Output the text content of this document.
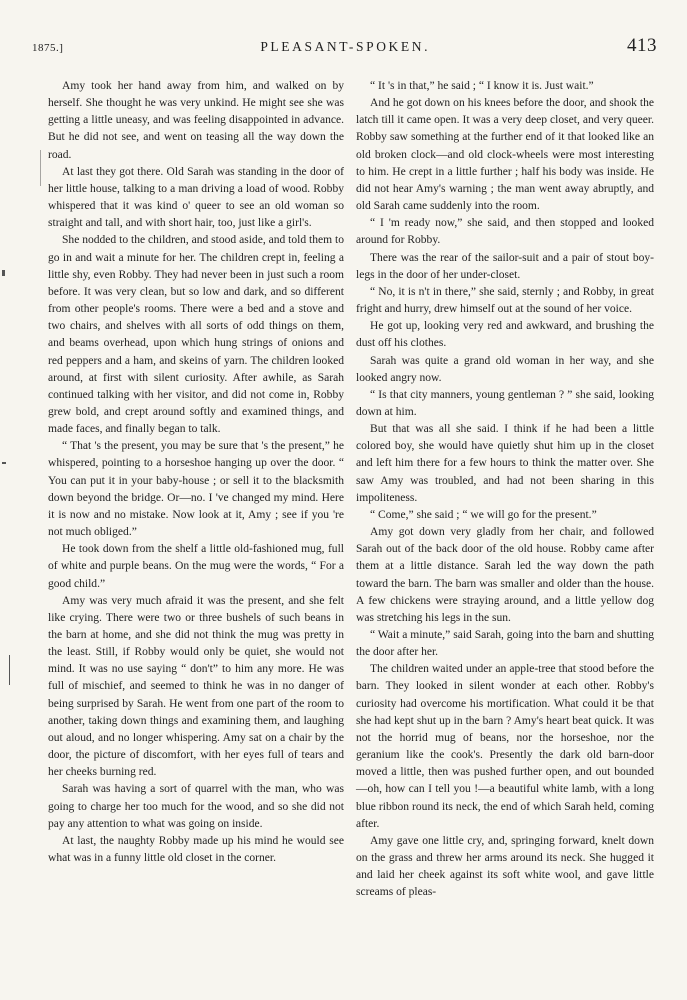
1875.]	PLEASANT-SPOKEN.	413

Amy took her hand away from him, and walked on by herself. She thought he was very unkind. He might see she was getting a little uneasy, and was feeling disappointed in advance. But he did not see, and went on teasing all the way down the road.

At last they got there. Old Sarah was standing in the door of her little house, talking to a man driving a load of wood. Robby whispered that it was kind o' queer to see an old woman so straight and tall, and with short hair, too, just like a girl's.

She nodded to the children, and stood aside, and told them to go in and wait a minute for her. The children crept in, feeling a little shy, even Robby. They had never been in just such a room before. It was very clean, but so low and dark, and so different from other people's rooms. There were a bed and a stove and two chairs, and shelves with all sorts of odd things on them, and beams overhead, upon which hung strings of onions and red peppers and a ham, and skeins of yarn. The children looked around, at first with silent curiosity. After awhile, as Sarah continued talking with her visitor, and did not come in, Robby grew bold, and crept around softly and examined things, and made faces, and finally began to talk.

“ That 's the present, you may be sure that 's the present,” he whispered, pointing to a horseshoe hanging up over the door. “ You can put it in your baby-house ; or sell it to the blacksmith down beyond the bridge. Or—no. I 've changed my mind. Here it is now and no mistake. Now look at it, Amy ; see if you 're not much obliged.”

He took down from the shelf a little old-fashioned mug, full of white and purple beans. On the mug were the words, “ For a good child.”

Amy was very much afraid it was the present, and she felt like crying. There were two or three bushels of such beans in the barn at home, and she did not think the mug was pretty in the least. Still, if Robby would only be quiet, she would not mind. It was no use saying “ don't” to him any more. He was full of mischief, and seemed to think he was in no danger of being surprised by Sarah. He went from one part of the room to another, taking down things and examining them, and laughing out aloud, and no longer whispering. Amy sat on a chair by the door, the picture of discomfort, with her eyes full of tears and her cheeks burning red.

Sarah was having a sort of quarrel with the man, who was going to charge her too much for the wood, and so she did not pay any attention to what was going on inside.

At last, the naughty Robby made up his mind he would see what was in a funny little old closet in the corner.

“ It 's in that,” he said ; “ I know it is. Just wait.”

And he got down on his knees before the door, and shook the latch till it came open. It was a very deep closet, and very queer. Robby saw something at the further end of it that looked like an old broken clock—and old clock-wheels were most interesting to him. He crept in a little further ; half his body was inside. He did not hear Amy's warning ; the man went away abruptly, and old Sarah came suddenly into the room.

“ I 'm ready now,” she said, and then stopped and looked around for Robby.

There was the rear of the sailor-suit and a pair of stout boy-legs in the door of her under-closet.

“ No, it is n't in there,” she said, sternly ; and Robby, in great fright and hurry, drew himself out at the sound of her voice.

He got up, looking very red and awkward, and brushing the dust off his clothes.

Sarah was quite a grand old woman in her way, and she looked angry now.

“ Is that city manners, young gentleman ? ” she said, looking down at him.

But that was all she said. I think if he had been a little colored boy, she would have quietly shut him up in the closet and left him there for a few hours to think the matter over. She saw Amy was troubled, and had not been sharing in this impoliteness.

“ Come,” she said ; “ we will go for the present.”

Amy got down very gladly from her chair, and followed Sarah out of the back door of the old house. Robby came after them at a little distance. Sarah led the way down the path toward the barn. The barn was smaller and older than the house. A few chickens were straying around, and a little yellow dog was stretching his legs in the sun.

“ Wait a minute,” said Sarah, going into the barn and shutting the door after her.

The children waited under an apple-tree that stood before the barn. They looked in silent wonder at each other. Robby's curiosity had overcome his mortification. What could it be that she had kept shut up in the barn ? Amy's heart beat quick. It was not the horrid mug of beans, nor the horseshoe, nor the geranium like the cook's. Presently the dark old barn-door moved a little, then was pushed further open, and out bounded—oh, how can I tell you !—a beautiful white lamb, with a long blue ribbon round its neck, the end of which Sarah held, coming after.

Amy gave one little cry, and, springing forward, knelt down on the grass and threw her arms around its neck. She hugged it and laid her cheek against its soft white wool, and gave little screams of pleas-
